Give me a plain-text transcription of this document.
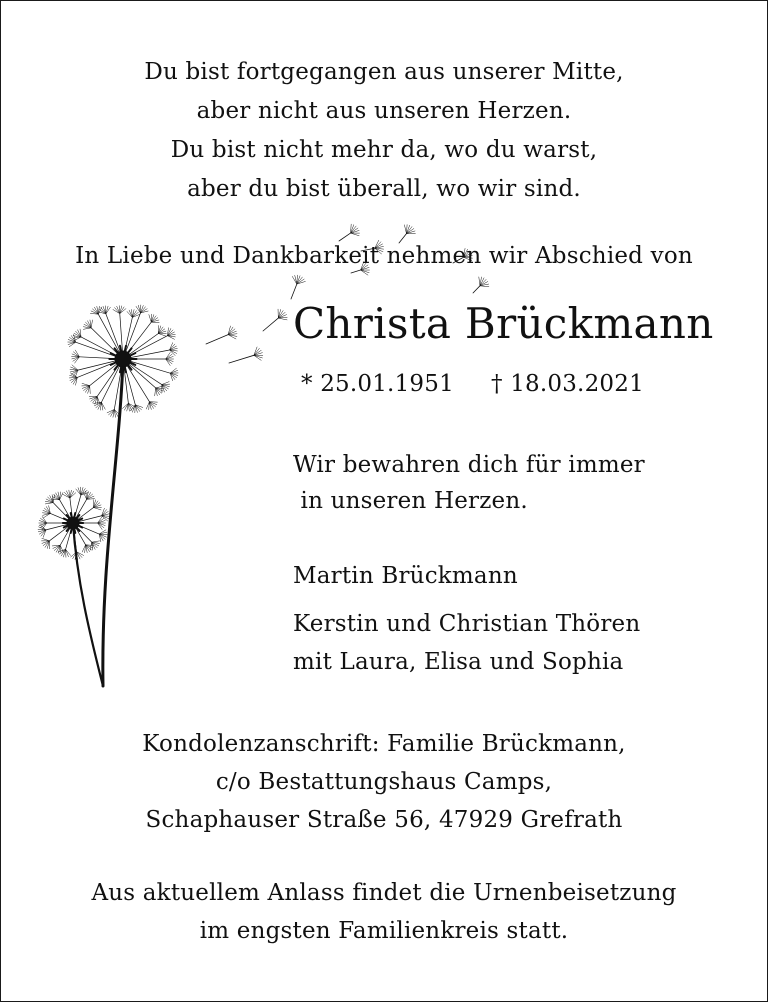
Du bist fortgegangen aus unserer Mitte,
aber nicht aus unseren Herzen.
Du bist nicht mehr da, wo du warst,
aber du bist überall, wo wir sind.
In Liebe und Dankbarkeit nehmen wir Abschied von
Christa Brückmann
* 25.01.1951 † 18.03.2021
Wir bewahren dich für immer
in unseren Herzen.
Martin Brückmann
Kerstin und Christian Thören
mit Laura, Elisa und Sophia
Kondolenzanschrift: Familie Brückmann,
c/o Bestattungshaus Camps,
Schaphauser Straße 56, 47929 Grefrath
Aus aktuellem Anlass findet die Urnenbeisetzung
im engsten Familienkreis statt.
